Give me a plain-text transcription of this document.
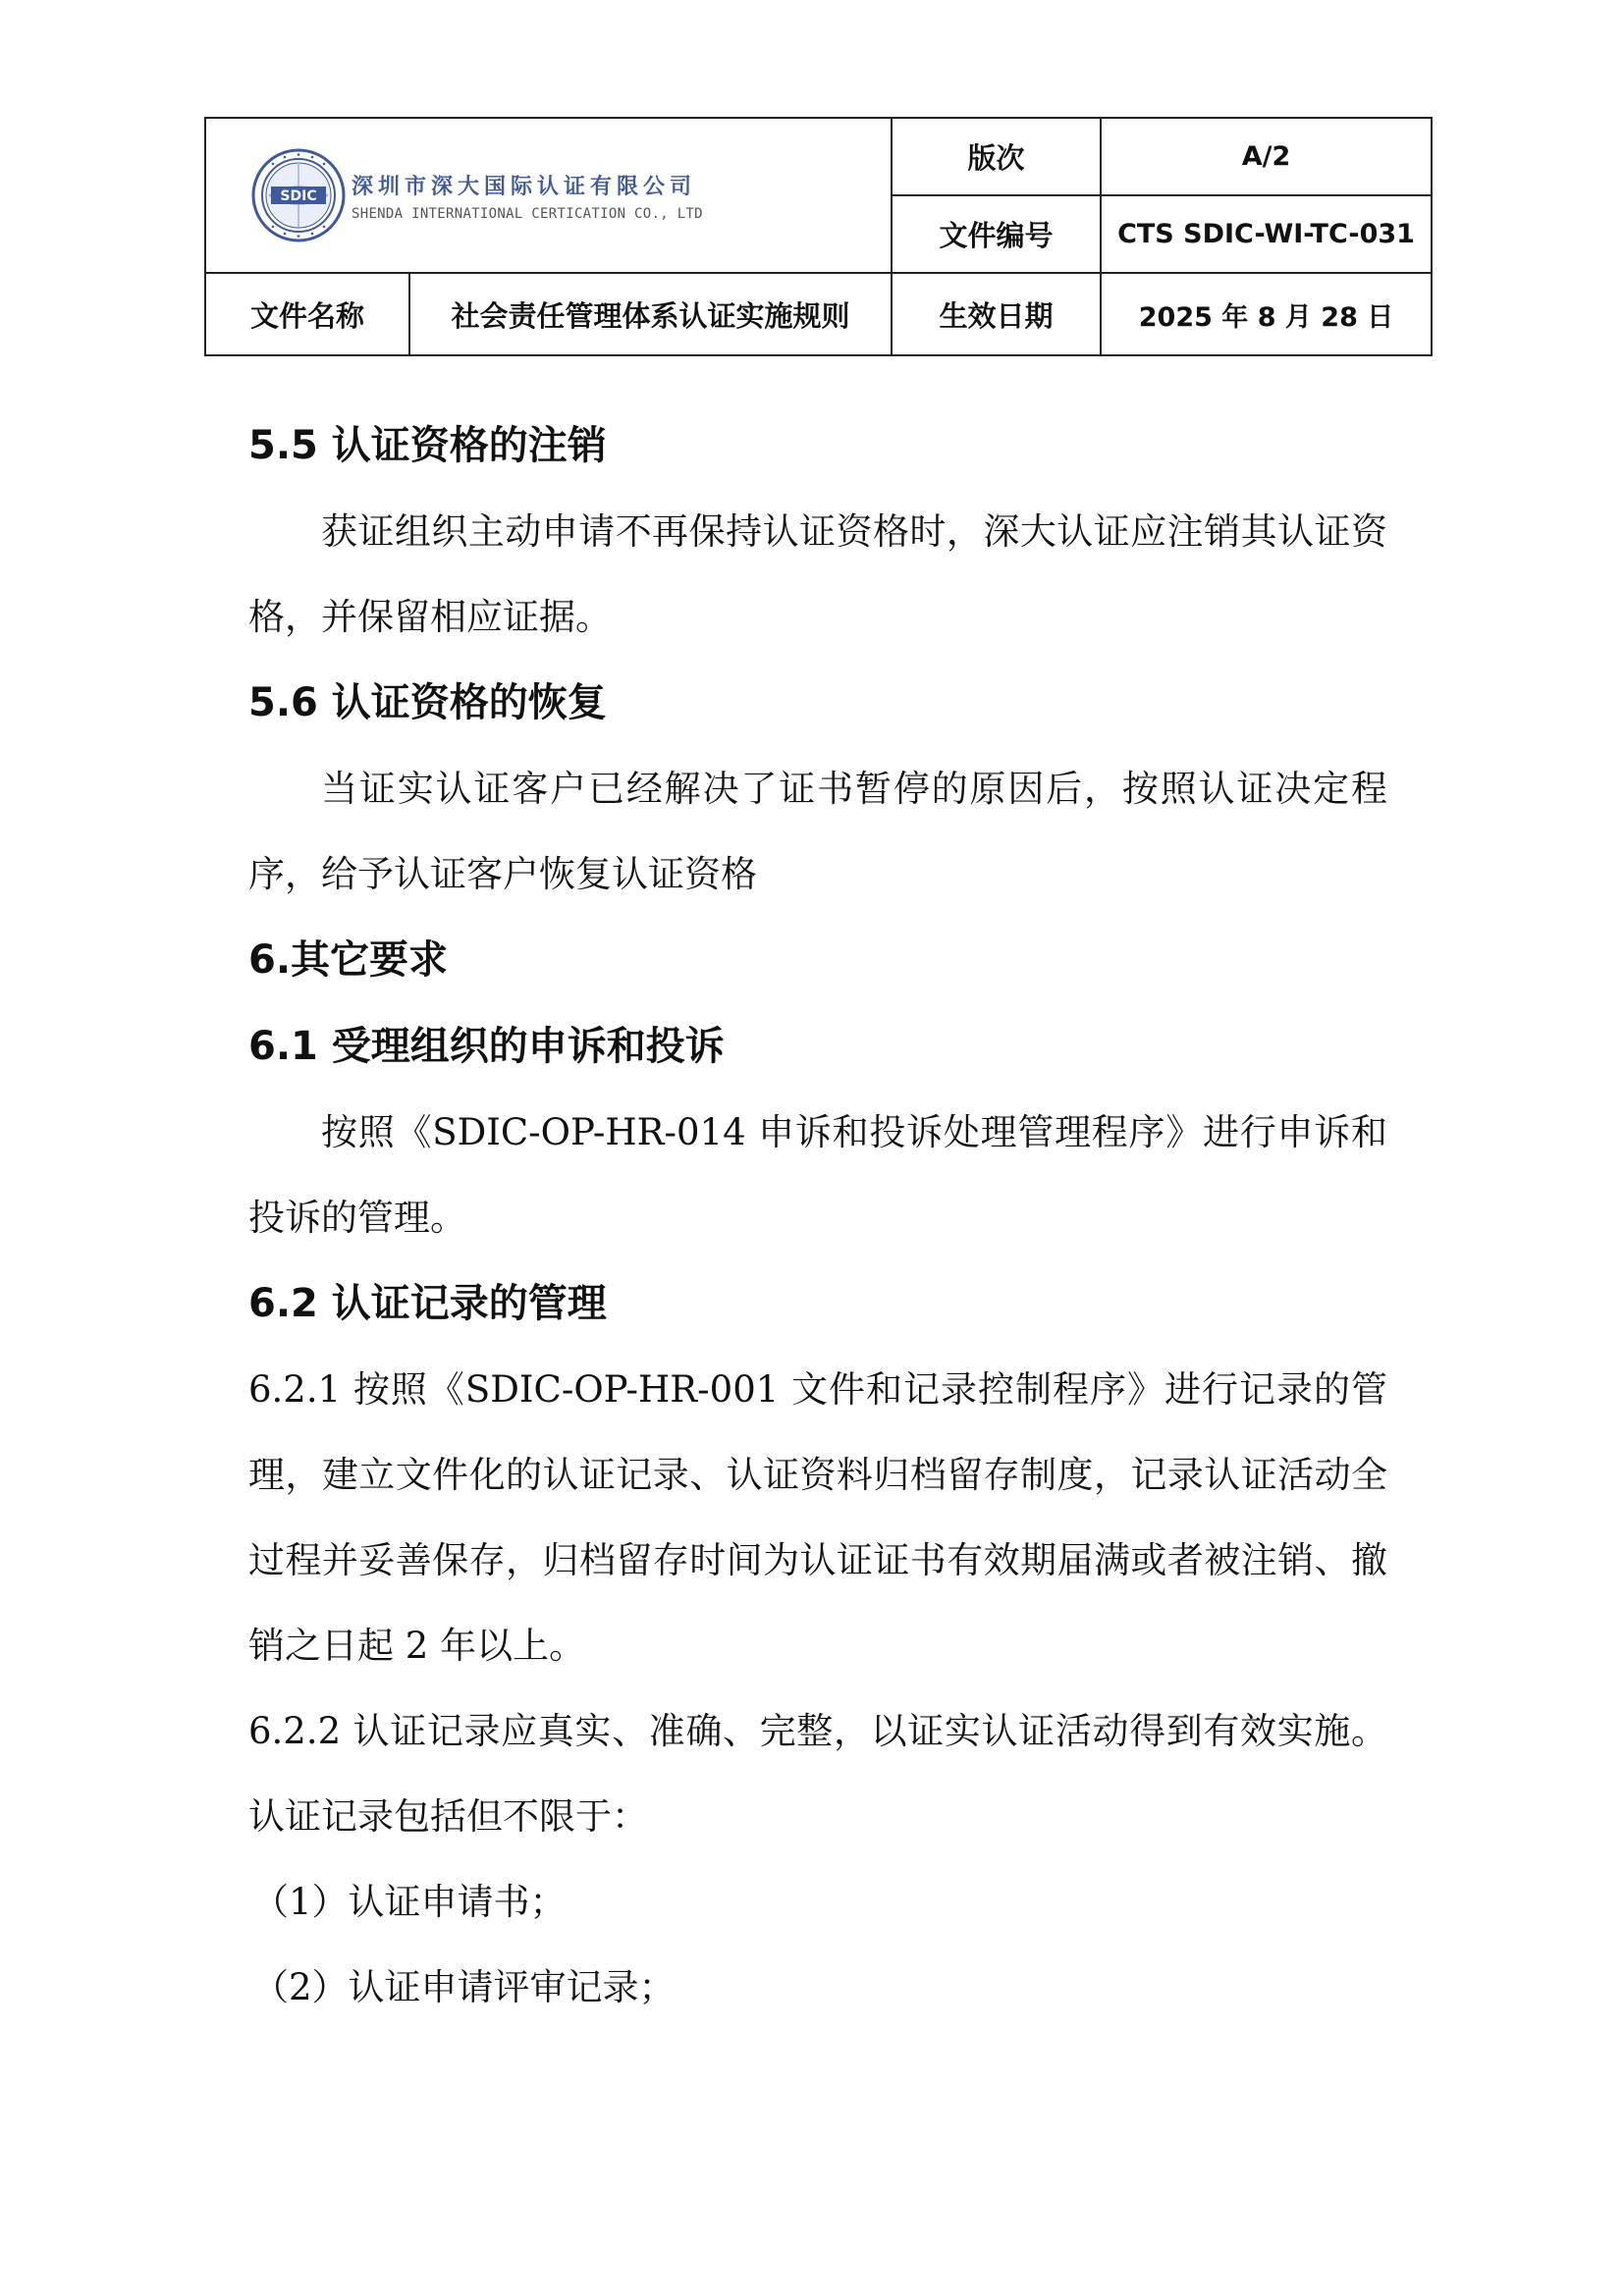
SDIC 深圳市深大国际认证有限公司
SHENDA INTERNATIONAL CERTICATION CO., LTD		版次	A/2
		文件编号	CTS SDIC-WI-TC-031
文件名称	社会责任管理体系认证实施规则	生效日期	2025 年 8 月 28 日
5.5 认证资格的注销

获证组织主动申请不再保持认证资格时，深大认证应注销其认证资格，并保留相应证据。

5.6 认证资格的恢复

当证实认证客户已经解决了证书暂停的原因后，按照认证决定程序，给予认证客户恢复认证资格

6.其它要求
6.1 受理组织的申诉和投诉

按照《SDIC-OP-HR-014 申诉和投诉处理管理程序》进行申诉和投诉的管理。

6.2 认证记录的管理

6.2.1 按照《SDIC-OP-HR-001 文件和记录控制程序》进行记录的管理，建立文件化的认证记录、认证资料归档留存制度，记录认证活动全过程并妥善保存，归档留存时间为认证证书有效期届满或者被注销、撤销之日起 2 年以上。

6.2.2 认证记录应真实、准确、完整，以证实认证活动得到有效实施。认证记录包括但不限于：

（1）认证申请书；

（2）认证申请评审记录；
